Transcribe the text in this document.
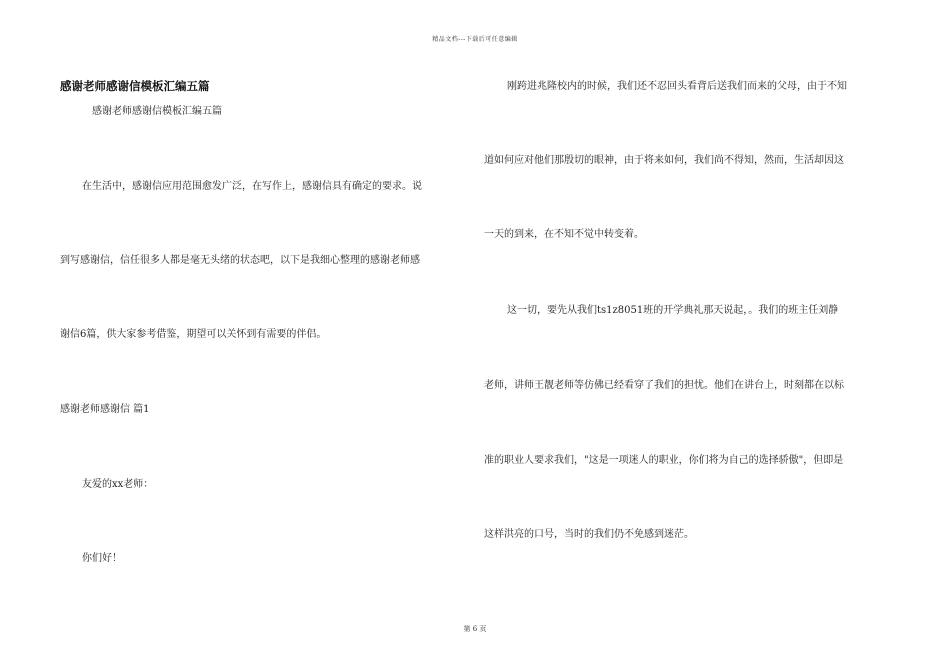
精品文档---下载后可任意编辑
感谢老师感谢信模板汇编五篇
感谢老师感谢信模板汇编五篇
在生活中，感谢信应用范围愈发广泛，在写作上，感谢信具有确定的要求。说
到写感谢信，信任很多人都是毫无头绪的状态吧，以下是我细心整理的感谢老师感
谢信6篇，供大家参考借鉴，期望可以关怀到有需要的伴侣。
感谢老师感谢信 篇1
友爱的xx老师：
你们好！
刚跨进兆隆校内的时候，我们还不忍回头看背后送我们而来的父母，由于不知
道如何应对他们那殷切的眼神，由于将来如何，我们尚不得知，然而，生活却因这
一天的到来，在不知不觉中转变着。
这一切，要先从我们ts1z8051班的开学典礼那天说起，。我们的班主任刘静
老师，讲师王靓老师等仿佛已经看穿了我们的担忧。他们在讲台上，时刻都在以标
准的职业人要求我们，"这是一项迷人的职业，你们将为自己的选择骄傲"，但即是
这样洪亮的口号，当时的我们仍不免感到迷茫。
第 6 页
